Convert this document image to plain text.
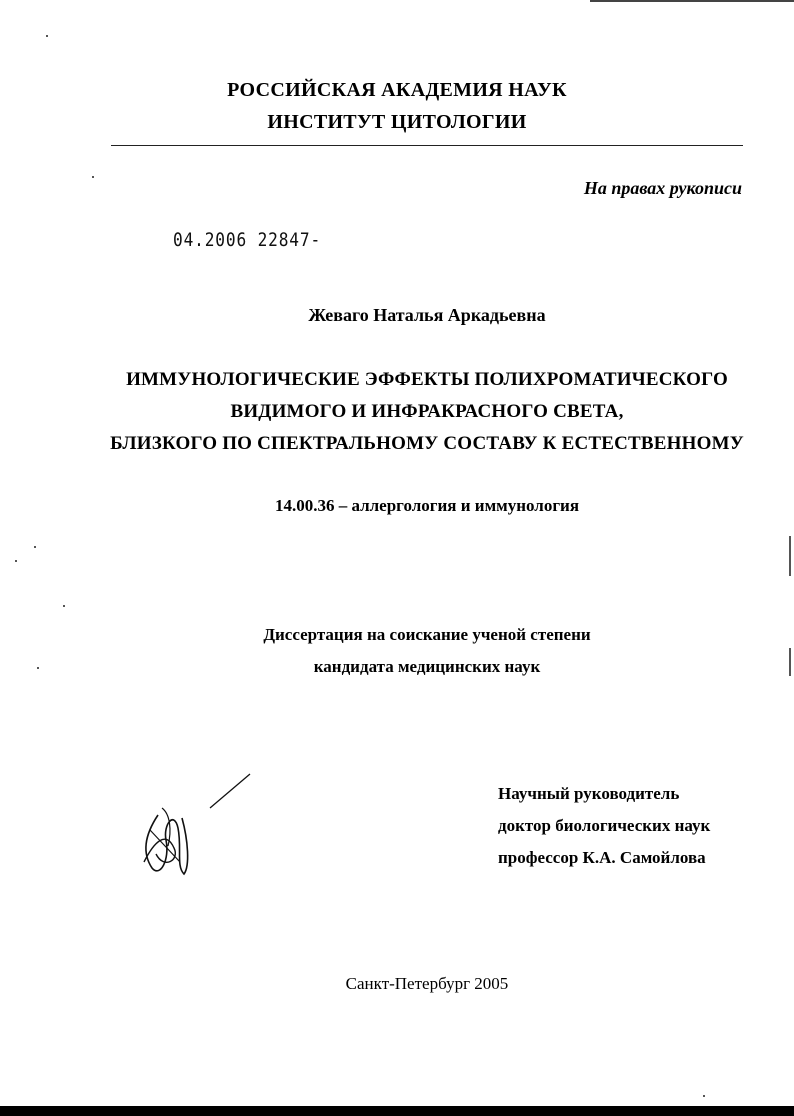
РОССИЙСКАЯ АКАДЕМИЯ НАУК
ИНСТИТУТ ЦИТОЛОГИИ
На правах рукописи
04.2006 22847-
Жеваго Наталья Аркадьевна
ИММУНОЛОГИЧЕСКИЕ ЭФФЕКТЫ ПОЛИХРОМАТИЧЕСКОГО
ВИДИМОГО И ИНФРАКРАСНОГО СВЕТА,
БЛИЗКОГО ПО СПЕКТРАЛЬНОМУ СОСТАВУ К ЕСТЕСТВЕННОМУ
14.00.36 – аллергология и иммунология
Диссертация на соискание ученой степени
кандидата медицинских наук
Научный руководитель
доктор биологических наук
профессор К.А. Самойлова
Санкт-Петербург 2005
